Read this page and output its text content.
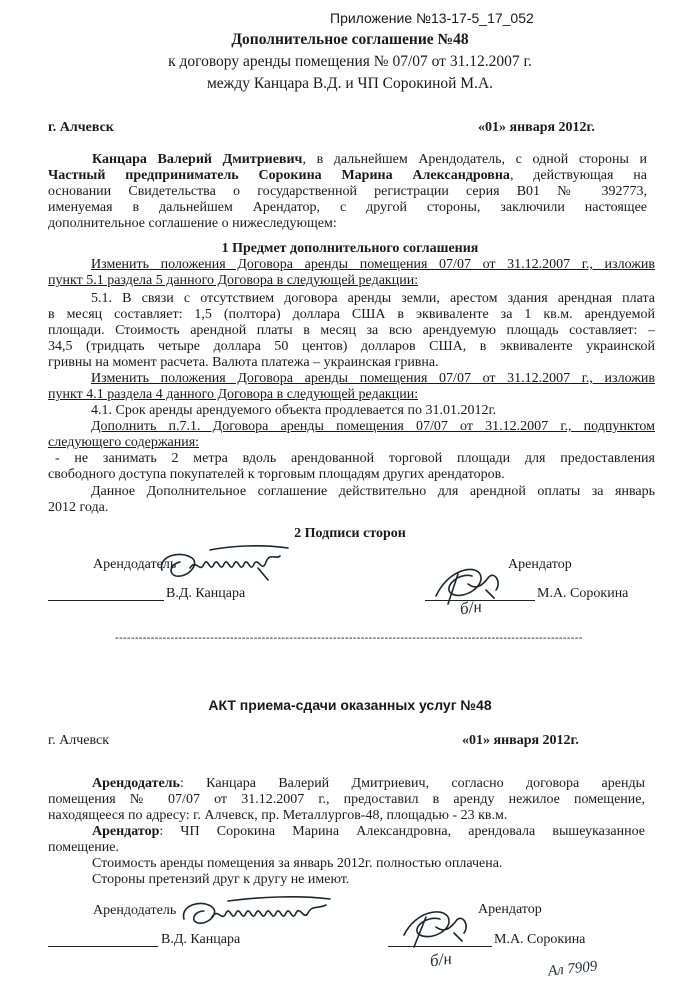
Приложение №13-17-5_17_052
Дополнительное соглашение №48
к договору аренды помещения № 07/07 от 31.12.2007 г.
между Канцара В.Д. и ЧП Сорокиной М.А.
г. Алчевск	«01» января 2012г.
Канцара Валерий Дмитриевич, в дальнейшем Арендодатель, с одной стороны и
Частный предприниматель Сорокина Марина Александровна, действующая на
основании Свидетельства о государственной регистрации серия В01 № 392773,
именуемая в дальнейшем Арендатор, с другой стороны, заключили настоящее
дополнительное соглашение о нижеследующем:
1 Предмет дополнительного соглашения
Изменить положения Договора аренды помещения 07/07 от 31.12.2007 г., изложив
пункт 5.1 раздела 5 данного Договора в следующей редакции:
5.1. В связи с отсутствием договора аренды земли, арестом здания арендная плата
в месяц составляет: 1,5 (полтора) доллара США в эквиваленте за 1 кв.м. арендуемой
площади. Стоимость арендной платы в месяц за всю арендуемую площадь составляет: –
34,5 (тридцать четыре доллара 50 центов) долларов США, в эквиваленте украинской
гривны на момент расчета. Валюта платежа – украинская гривна.
Изменить положения Договора аренды помещения 07/07 от 31.12.2007 г., изложив
пункт 4.1 раздела 4 данного Договора в следующей редакции:
4.1. Срок аренды арендуемого объекта продлевается по 31.01.2012г.
Дополнить п.7.1. Договора аренды помещения 07/07 от 31.12.2007 г., подпунктом
следующего содержания:
- не занимать 2 метра вдоль арендованной торговой площади для предоставления
свободного доступа покупателей к торговым площадям других арендаторов.
Данное Дополнительное соглашение действительно для арендной оплаты за январь
2012 года.
2 Подписи сторон
Арендодатель	Арендатор
В.Д. Канцара	М.А. Сорокина
б/н
----------------------------------------------------------------------------------------------------------------------
АКТ приема-сдачи оказанных услуг №48
г. Алчевск	«01» января 2012г.
Арендодатель: Канцара Валерий Дмитриевич, согласно договора аренды
помещения № 07/07 от 31.12.2007 г., предоставил в аренду нежилое помещение,
находящееся по адресу: г. Алчевск, пр. Металлургов-48, площадью - 23 кв.м.
Арендатор: ЧП Сорокина Марина Александровна, арендовала вышеуказанное
помещение.
Стоимость аренды помещения за январь 2012г. полностью оплачена.
Стороны претензий друг к другу не имеют.
Арендодатель	Арендатор
В.Д. Канцара	М.А. Сорокина
б/н	Ал 7909
